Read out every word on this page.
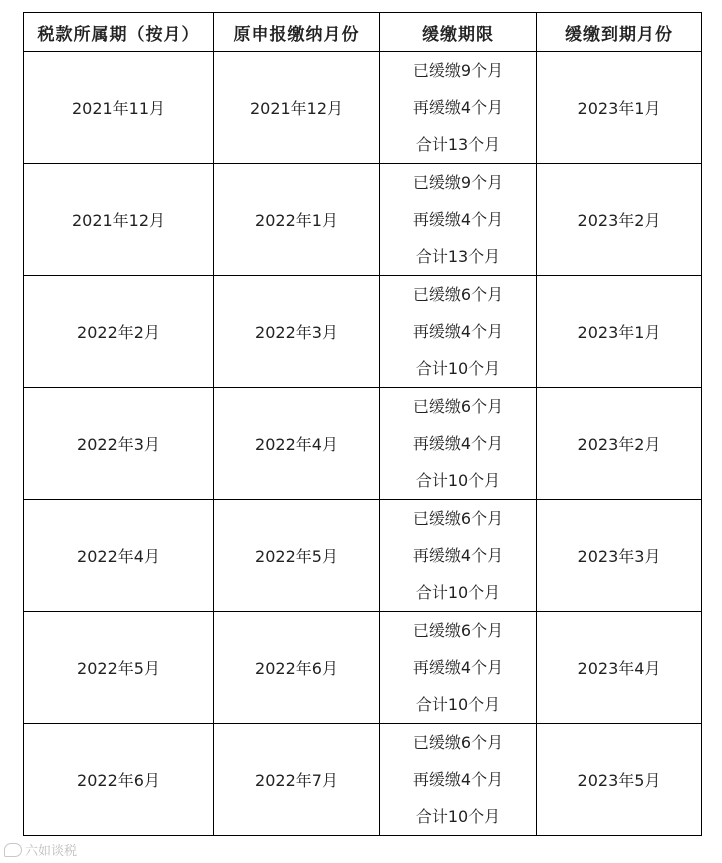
税款所属期（按月）	原申报缴纳月份	缓缴期限	缓缴到期月份
2021年11月	2021年12月	已缓缴9个月
再缓缴4个月
合计13个月	2023年1月
2021年12月	2022年1月	已缓缴9个月
再缓缴4个月
合计13个月	2023年2月
2022年2月	2022年3月	已缓缴6个月
再缓缴4个月
合计10个月	2023年1月
2022年3月	2022年4月	已缓缴6个月
再缓缴4个月
合计10个月	2023年2月
2022年4月	2022年5月	已缓缴6个月
再缓缴4个月
合计10个月	2023年3月
2022年5月	2022年6月	已缓缴6个月
再缓缴4个月
合计10个月	2023年4月
2022年6月	2022年7月	已缓缴6个月
再缓缴4个月
合计10个月	2023年5月
六如谈税
